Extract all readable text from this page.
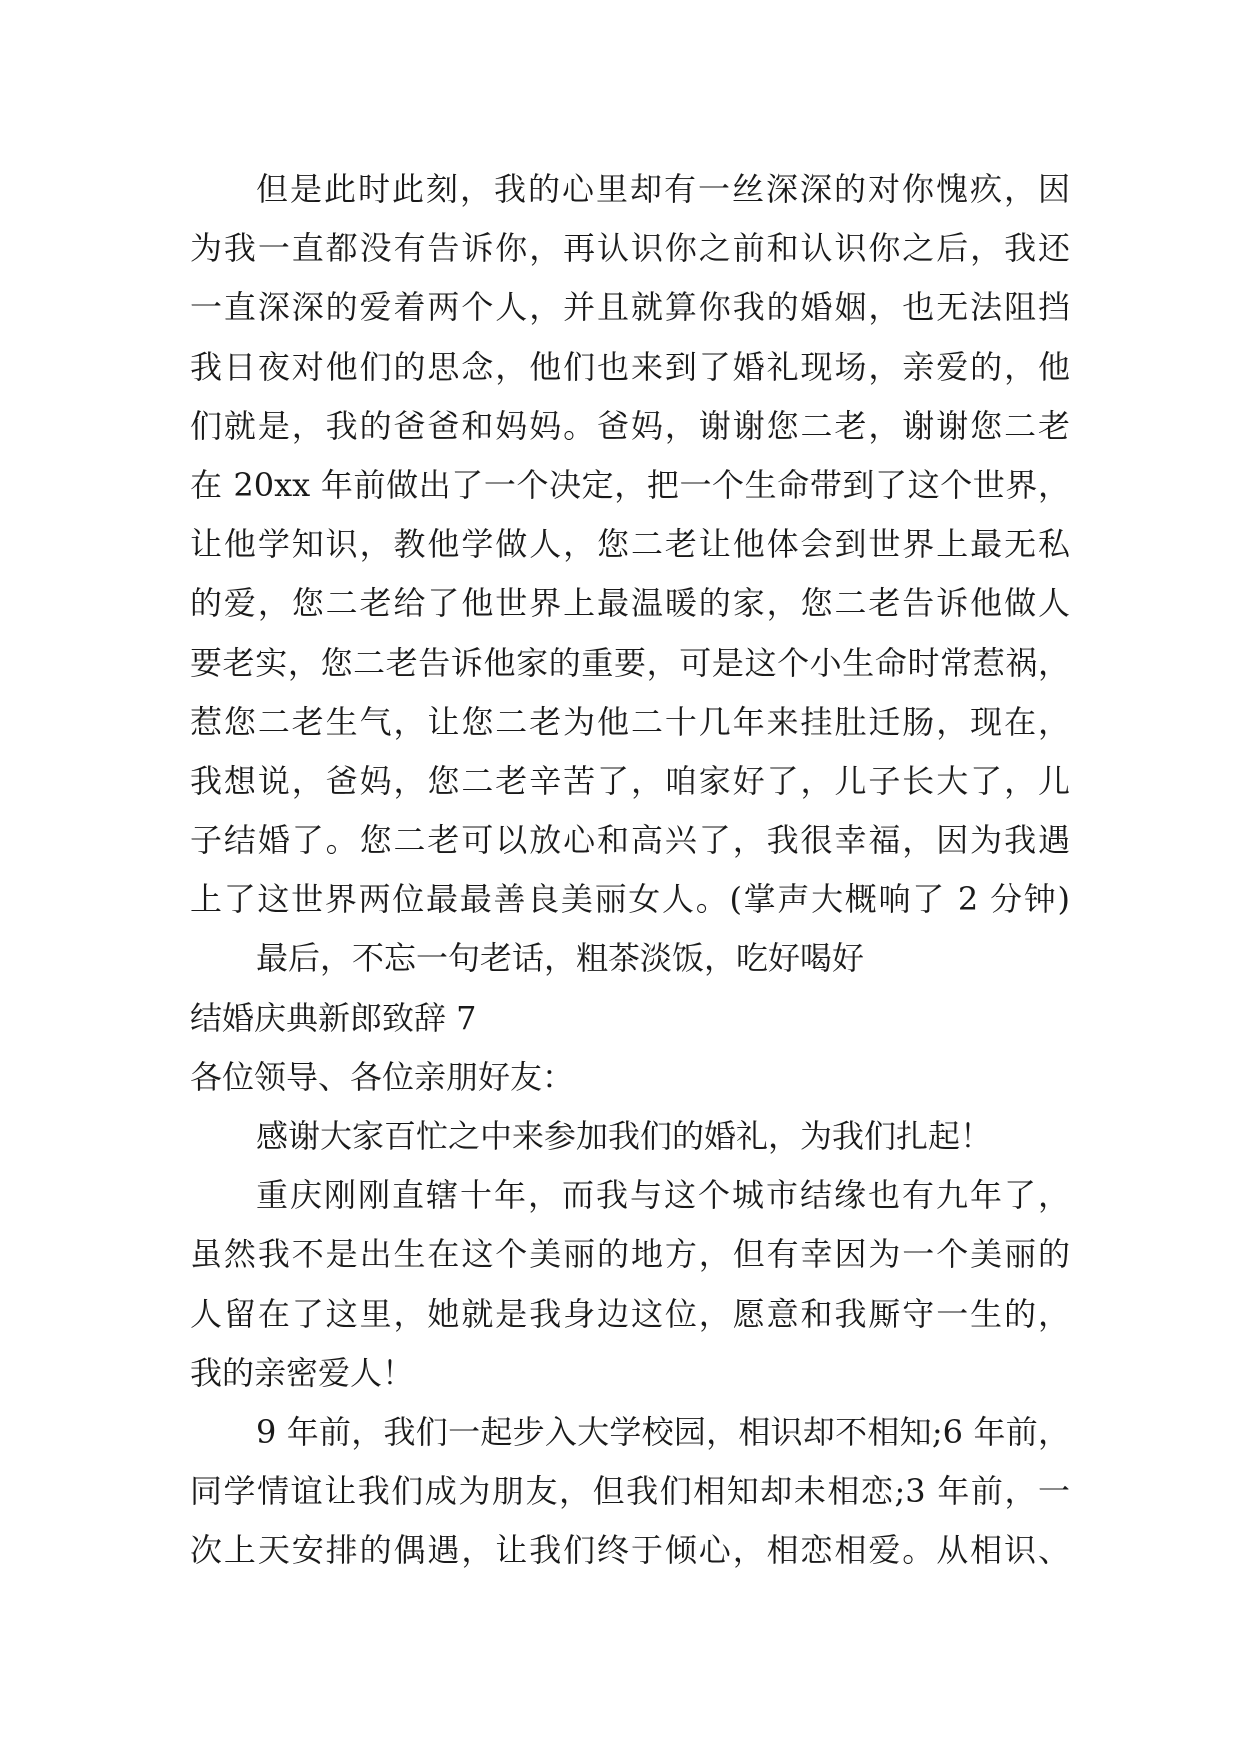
但是此时此刻，我的心里却有一丝深深的对你愧疚，因
为我一直都没有告诉你，再认识你之前和认识你之后，我还
一直深深的爱着两个人，并且就算你我的婚姻，也无法阻挡
我日夜对他们的思念，他们也来到了婚礼现场，亲爱的，他
们就是，我的爸爸和妈妈。爸妈，谢谢您二老，谢谢您二老
在 20xx 年前做出了一个决定，把一个生命带到了这个世界，
让他学知识，教他学做人，您二老让他体会到世界上最无私
的爱，您二老给了他世界上最温暖的家，您二老告诉他做人
要老实，您二老告诉他家的重要，可是这个小生命时常惹祸，
惹您二老生气，让您二老为他二十几年来挂肚迁肠，现在，
我想说，爸妈，您二老辛苦了，咱家好了，儿子长大了，儿
子结婚了。您二老可以放心和高兴了，我很幸福，因为我遇
上了这世界两位最最善良美丽女人。(掌声大概响了 2 分钟)
最后，不忘一句老话，粗茶淡饭，吃好喝好
结婚庆典新郎致辞 7
各位领导、各位亲朋好友：
感谢大家百忙之中来参加我们的婚礼，为我们扎起！
重庆刚刚直辖十年，而我与这个城市结缘也有九年了，
虽然我不是出生在这个美丽的地方，但有幸因为一个美丽的
人留在了这里，她就是我身边这位，愿意和我厮守一生的，
我的亲密爱人！
9 年前，我们一起步入大学校园，相识却不相知;6 年前，
同学情谊让我们成为朋友，但我们相知却未相恋;3 年前，一
次上天安排的偶遇，让我们终于倾心，相恋相爱。从相识、
